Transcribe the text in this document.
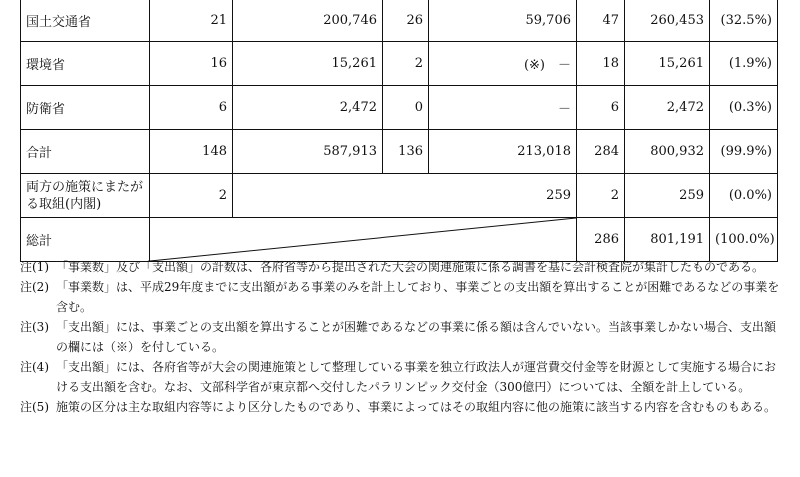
国土交通省	21	200,746	26	59,706	47	260,453	(32.5%)
環境省	16	15,261	2	(※)　－	18	15,261	(1.9%)
防衛省	6	2,472	0	－	6	2,472	(0.3%)
合計	148	587,913	136	213,018	284	800,932	(99.9%)
両方の施策にまたがる取組(内閣)	2	259			2	259	(0.0%)
総計					286	801,191	(100.0%)
注(1) 「事業数」及び「支出額」の計数は、各府省等から提出された大会の関連施策に係る調書を基に会計検査院が集計したものである。
注(2) 「事業数」は、平成29年度までに支出額がある事業のみを計上しており、事業ごとの支出額を算出することが困難であるなどの事業を含む。
注(3) 「支出額」には、事業ごとの支出額を算出することが困難であるなどの事業に係る額は含んでいない。当該事業しかない場合、支出額の欄には（※）を付している。
注(4) 「支出額」には、各府省等が大会の関連施策として整理している事業を独立行政法人が運営費交付金等を財源として実施する場合における支出額を含む。なお、文部科学省が東京都へ交付したパラリンピック交付金（300億円）については、全額を計上している。
注(5) 施策の区分は主な取組内容等により区分したものであり、事業によってはその取組内容に他の施策に該当する内容を含むものもある。
